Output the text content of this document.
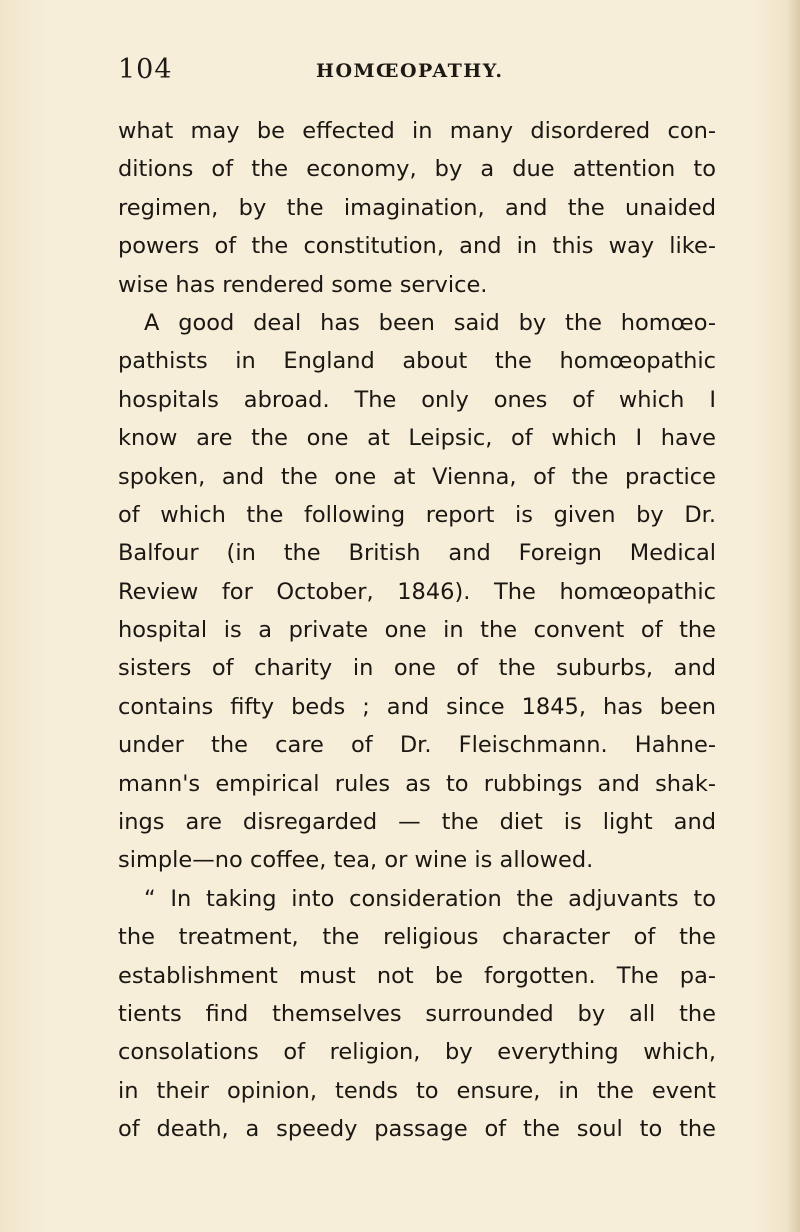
104	HOMŒOPATHY.
what may be effected in many disordered con-
ditions of the economy, by a due attention to
regimen, by the imagination, and the unaided
powers of the constitution, and in this way like-
wise has rendered some service.
A good deal has been said by the homœo-
pathists in England about the homœopathic
hospitals abroad. The only ones of which I
know are the one at Leipsic, of which I have
spoken, and the one at Vienna, of the practice
of which the following report is given by Dr.
Balfour (in the British and Foreign Medical
Review for October, 1846). The homœopathic
hospital is a private one in the convent of the
sisters of charity in one of the suburbs, and
contains fifty beds ; and since 1845, has been
under the care of Dr. Fleischmann. Hahne-
mann's empirical rules as to rubbings and shak-
ings are disregarded — the diet is light and
simple—no coffee, tea, or wine is allowed.
“ In taking into consideration the adjuvants to
the treatment, the religious character of the
establishment must not be forgotten. The pa-
tients find themselves surrounded by all the
consolations of religion, by everything which,
in their opinion, tends to ensure, in the event
of death, a speedy passage of the soul to the
